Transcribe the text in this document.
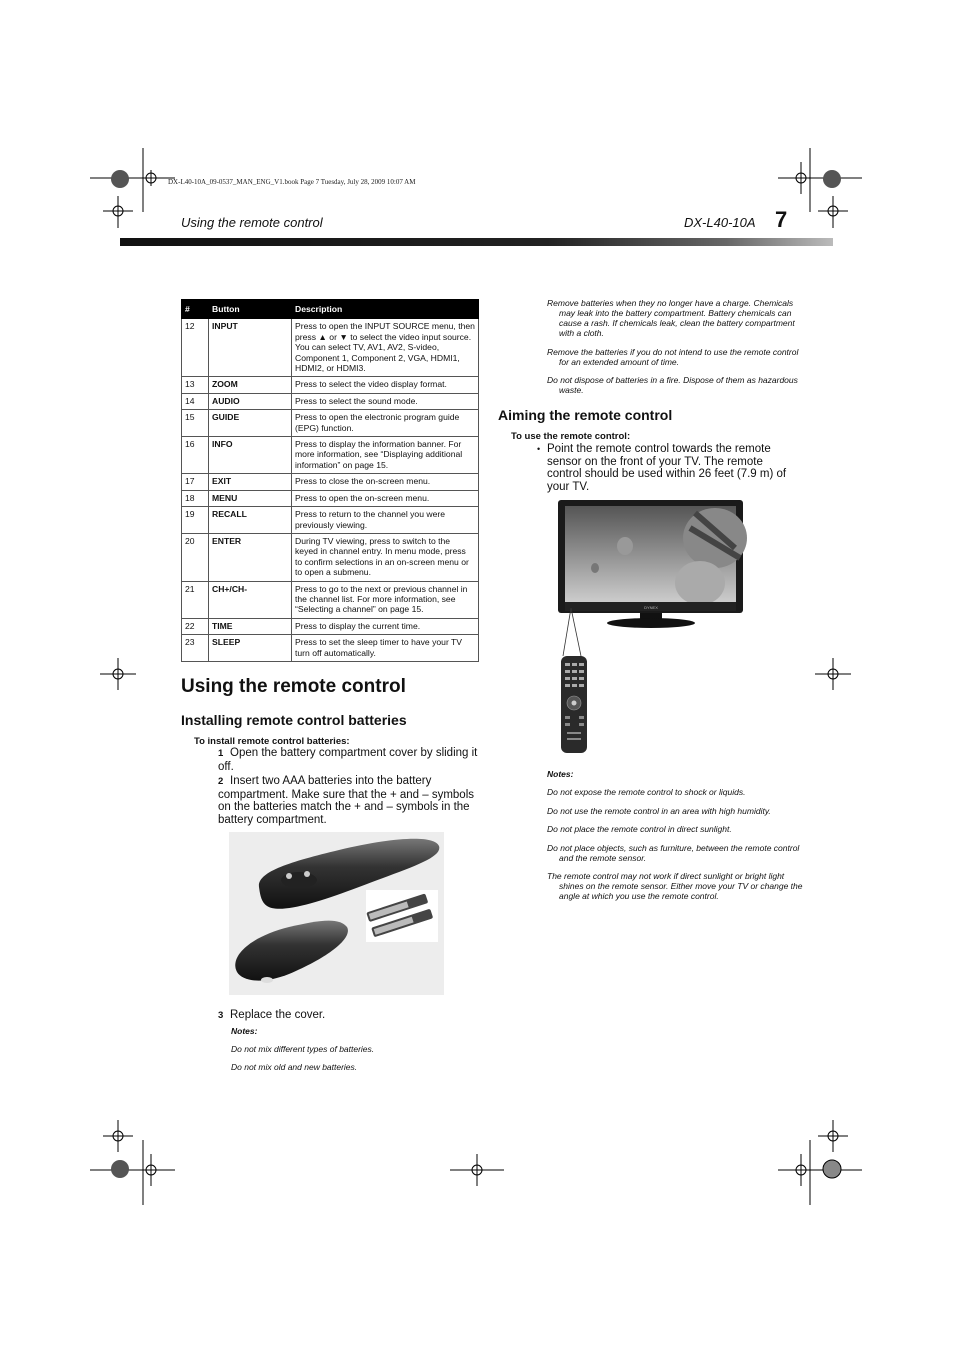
DX-L40-10A_09-0537_MAN_ENG_V1.book Page 7 Tuesday, July 28, 2009 10:07 AM
Using the remote control	DX-L40-10A 7
#	Button	Description
12	INPUT	Press to open the INPUT SOURCE menu, then press ▲ or ▼ to select the video input source. You can select TV, AV1, AV2, S-video, Component 1, Component 2, VGA, HDMI1, HDMI2, or HDMI3.
13	ZOOM	Press to select the video display format.
14	AUDIO	Press to select the sound mode.
15	GUIDE	Press to open the electronic program guide (EPG) function.
16	INFO	Press to display the information banner. For more information, see “Displaying additional information” on page 15.
17	EXIT	Press to close the on-screen menu.
18	MENU	Press to open the on-screen menu.
19	RECALL	Press to return to the channel you were previously viewing.
20	ENTER	During TV viewing, press to switch to the keyed in channel entry. In menu mode, press to confirm selections in an on-screen menu or to open a submenu.
21	CH+/CH-	Press to go to the next or previous channel in the channel list. For more information, see “Selecting a channel” on page 15.
22	TIME	Press to display the current time.
23	SLEEP	Press to set the sleep timer to have your TV turn off automatically.
Using the remote control
Installing remote control batteries
To install remote control batteries:
1 Open the battery compartment cover by sliding it off.
2 Insert two AAA batteries into the battery compartment. Make sure that the + and – symbols on the batteries match the + and – symbols in the battery compartment.
3 Replace the cover.
Notes:
Do not mix different types of batteries.
Do not mix old and new batteries.
Remove batteries when they no longer have a charge. Chemicals may leak into the battery compartment. Battery chemicals can cause a rash. If chemicals leak, clean the battery compartment with a cloth.
Remove the batteries if you do not intend to use the remote control for an extended amount of time.
Do not dispose of batteries in a fire. Dispose of them as hazardous waste.
Aiming the remote control
To use the remote control:
• Point the remote control towards the remote sensor on the front of your TV. The remote control should be used within 26 feet (7.9 m) of your TV.
DYNEX
Notes:
Do not expose the remote control to shock or liquids.
Do not use the remote control in an area with high humidity.
Do not place the remote control in direct sunlight.
Do not place objects, such as furniture, between the remote control and the remote sensor.
The remote control may not work if direct sunlight or bright light shines on the remote sensor. Either move your TV or change the angle at which you use the remote control.
